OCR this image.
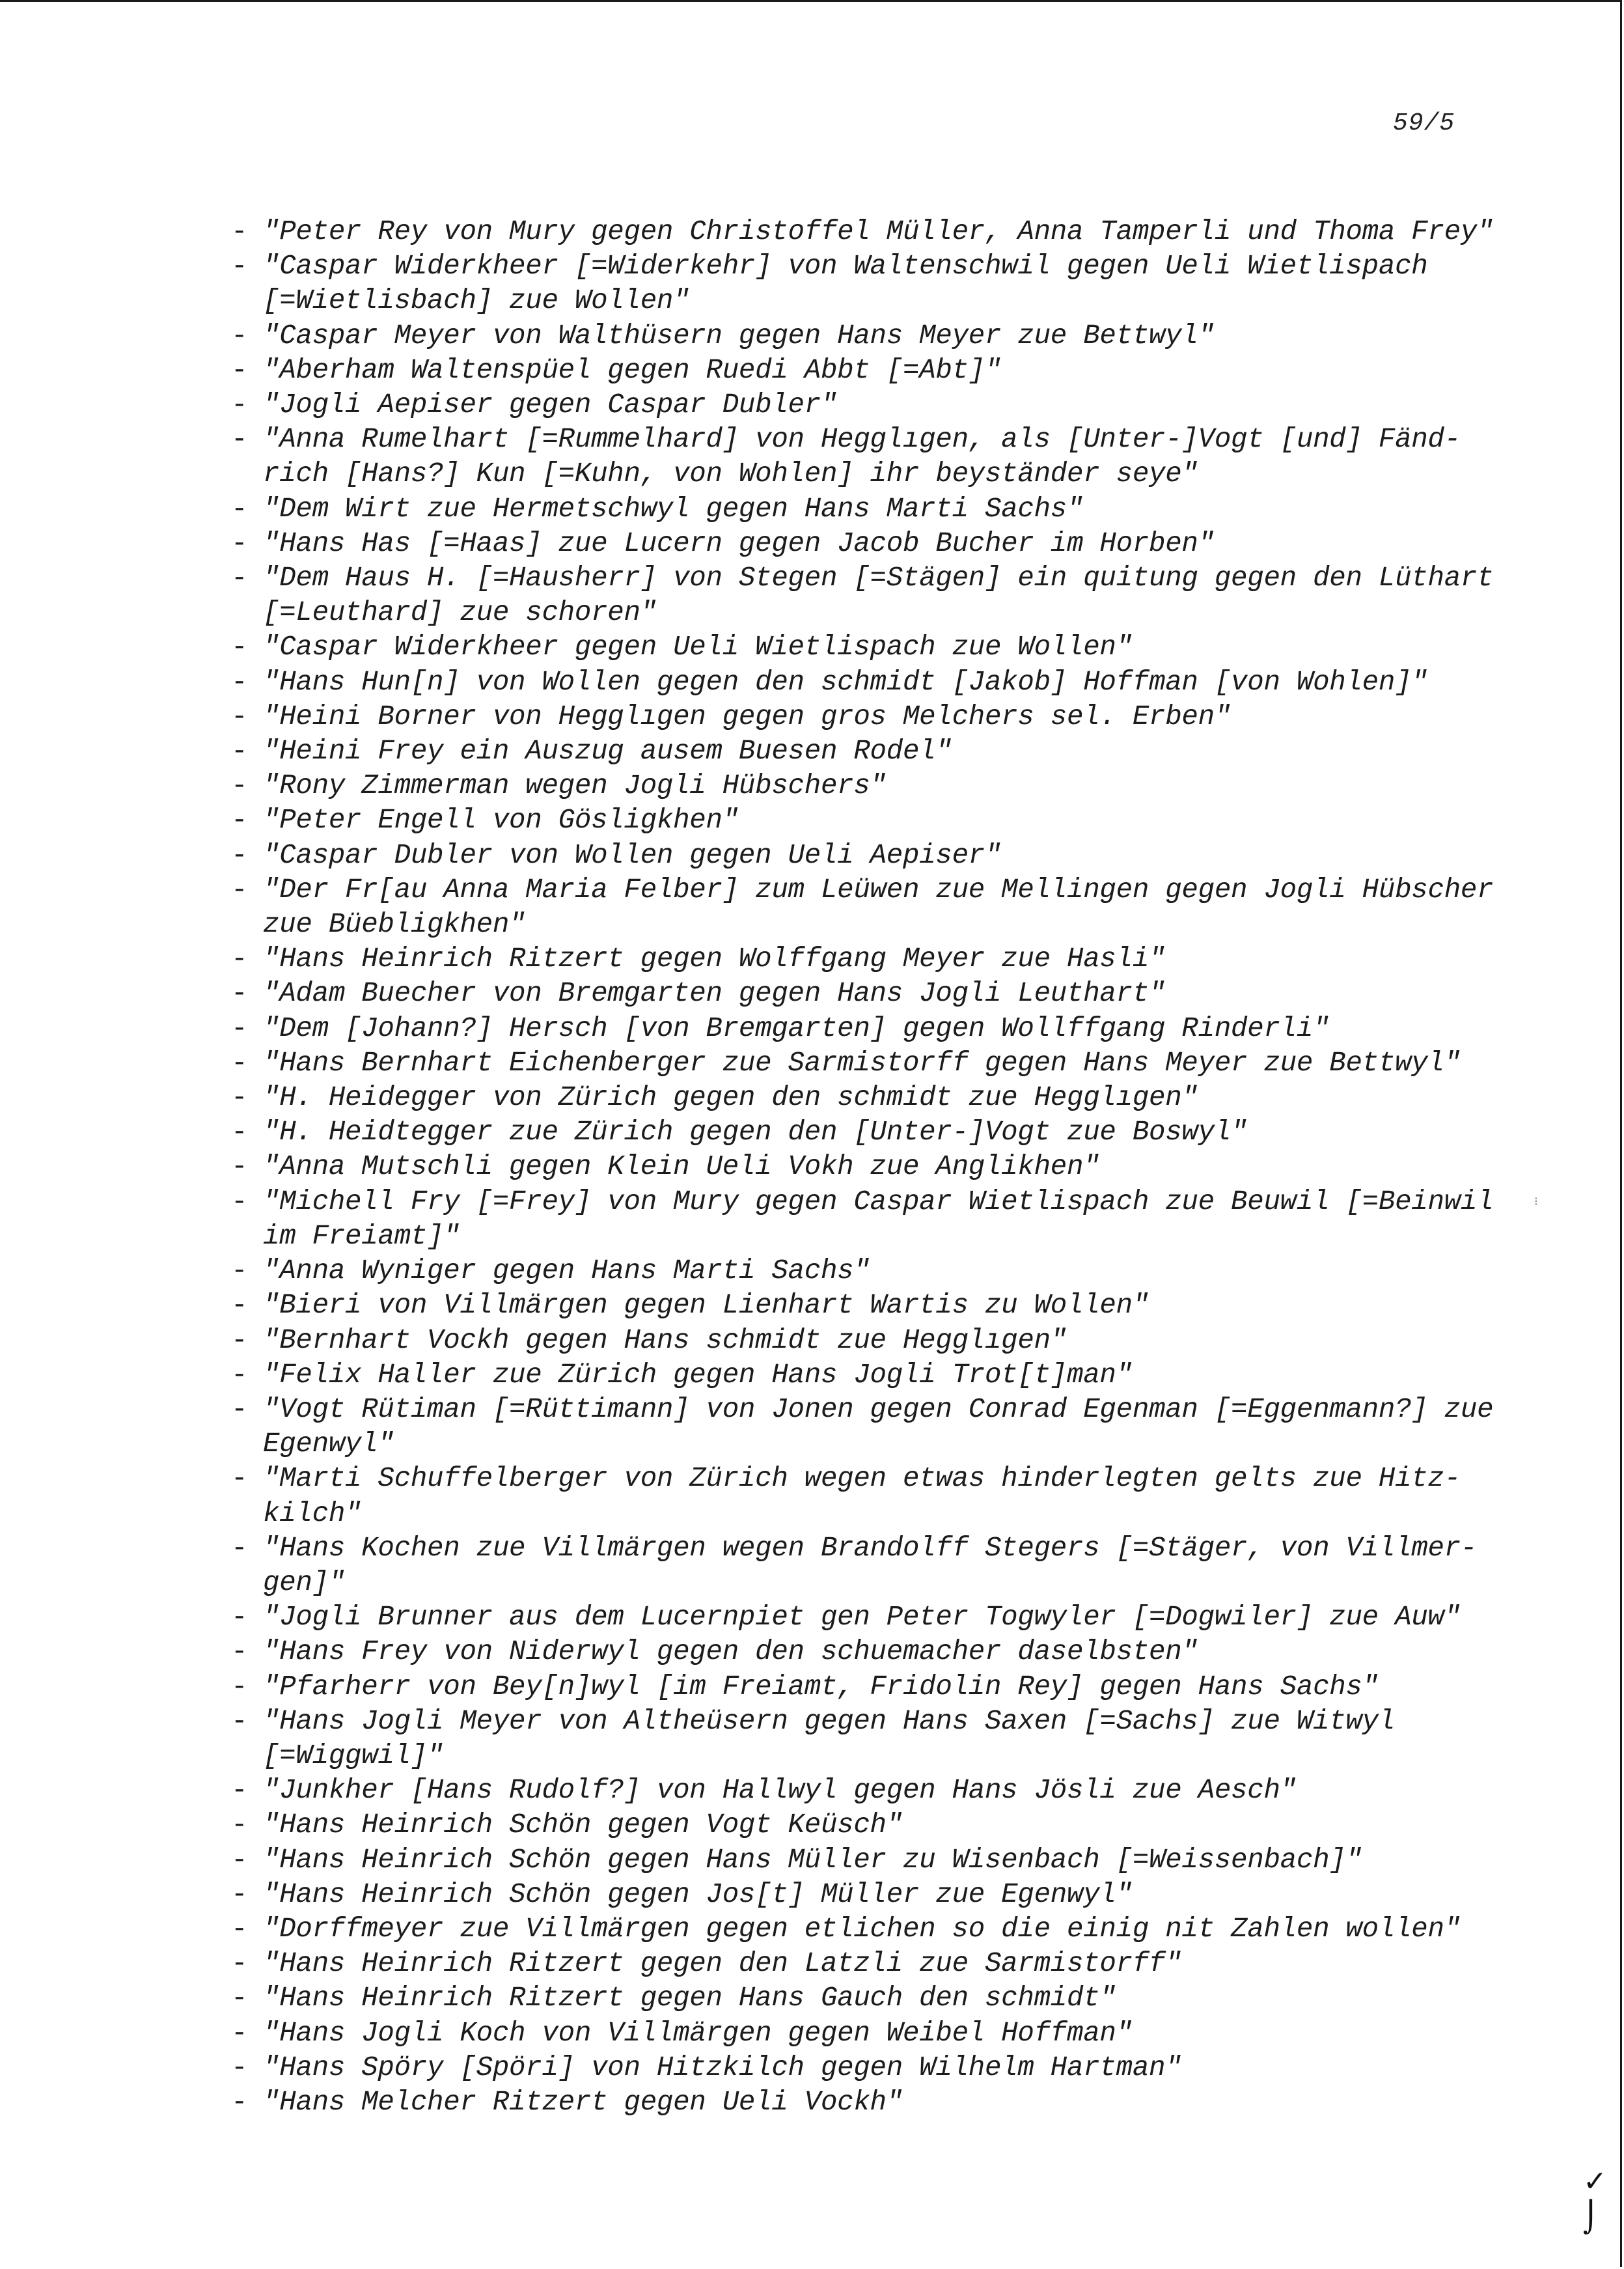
59/5
- "Peter Rey von Mury gegen Christoffel Müller, Anna Tamperli und Thoma Frey"
- "Caspar Widerkheer [=Widerkehr] von Waltenschwil gegen Ueli Wietlispach
[=Wietlisbach] zue Wollen"
- "Caspar Meyer von Walthüsern gegen Hans Meyer zue Bettwyl"
- "Aberham Waltenspüel gegen Ruedi Abbt [=Abt]"
- "Jogli Aepiser gegen Caspar Dubler"
- "Anna Rumelhart [=Rummelhard] von Hegglıgen, als [Unter-]Vogt [und] Fänd-
rich [Hans?] Kun [=Kuhn, von Wohlen] ihr beyständer seye"
- "Dem Wirt zue Hermetschwyl gegen Hans Marti Sachs"
- "Hans Has [=Haas] zue Lucern gegen Jacob Bucher im Horben"
- "Dem Haus H. [=Hausherr] von Stegen [=Stägen] ein quitung gegen den Lüthart
[=Leuthard] zue schoren"
- "Caspar Widerkheer gegen Ueli Wietlispach zue Wollen"
- "Hans Hun[n] von Wollen gegen den schmidt [Jakob] Hoffman [von Wohlen]"
- "Heini Borner von Hegglıgen gegen gros Melchers sel. Erben"
- "Heini Frey ein Auszug ausem Buesen Rodel"
- "Rony Zimmerman wegen Jogli Hübschers"
- "Peter Engell von Gösligkhen"
- "Caspar Dubler von Wollen gegen Ueli Aepiser"
- "Der Fr[au Anna Maria Felber] zum Leüwen zue Mellingen gegen Jogli Hübscher
zue Büebligkhen"
- "Hans Heinrich Ritzert gegen Wolffgang Meyer zue Hasli"
- "Adam Buecher von Bremgarten gegen Hans Jogli Leuthart"
- "Dem [Johann?] Hersch [von Bremgarten] gegen Wollffgang Rinderli"
- "Hans Bernhart Eichenberger zue Sarmistorff gegen Hans Meyer zue Bettwyl"
- "H. Heidegger von Zürich gegen den schmidt zue Hegglıgen"
- "H. Heidtegger zue Zürich gegen den [Unter-]Vogt zue Boswyl"
- "Anna Mutschli gegen Klein Ueli Vokh zue Anglikhen"
- "Michell Fry [=Frey] von Mury gegen Caspar Wietlispach zue Beuwil [=Beinwil
im Freiamt]"
- "Anna Wyniger gegen Hans Marti Sachs"
- "Bieri von Villmärgen gegen Lienhart Wartis zu Wollen"
- "Bernhart Vockh gegen Hans schmidt zue Hegglıgen"
- "Felix Haller zue Zürich gegen Hans Jogli Trot[t]man"
- "Vogt Rütiman [=Rüttimann] von Jonen gegen Conrad Egenman [=Eggenmann?] zue
Egenwyl"
- "Marti Schuffelberger von Zürich wegen etwas hinderlegten gelts zue Hitz-
kilch"
- "Hans Kochen zue Villmärgen wegen Brandolff Stegers [=Stäger, von Villmer-
gen]"
- "Jogli Brunner aus dem Lucernpiet gen Peter Togwyler [=Dogwiler] zue Auw"
- "Hans Frey von Niderwyl gegen den schuemacher daselbsten"
- "Pfarherr von Bey[n]wyl [im Freiamt, Fridolin Rey] gegen Hans Sachs"
- "Hans Jogli Meyer von Altheüsern gegen Hans Saxen [=Sachs] zue Witwyl
[=Wiggwil]"
- "Junkher [Hans Rudolf?] von Hallwyl gegen Hans Jösli zue Aesch"
- "Hans Heinrich Schön gegen Vogt Keüsch"
- "Hans Heinrich Schön gegen Hans Müller zu Wisenbach [=Weissenbach]"
- "Hans Heinrich Schön gegen Jos[t] Müller zue Egenwyl"
- "Dorffmeyer zue Villmärgen gegen etlichen so die einig nit Zahlen wollen"
- "Hans Heinrich Ritzert gegen den Latzli zue Sarmistorff"
- "Hans Heinrich Ritzert gegen Hans Gauch den schmidt"
- "Hans Jogli Koch von Villmärgen gegen Weibel Hoffman"
- "Hans Spöry [Spöri] von Hitzkilch gegen Wilhelm Hartman"
- "Hans Melcher Ritzert gegen Ueli Vockh"
⁝
✓
⌡
